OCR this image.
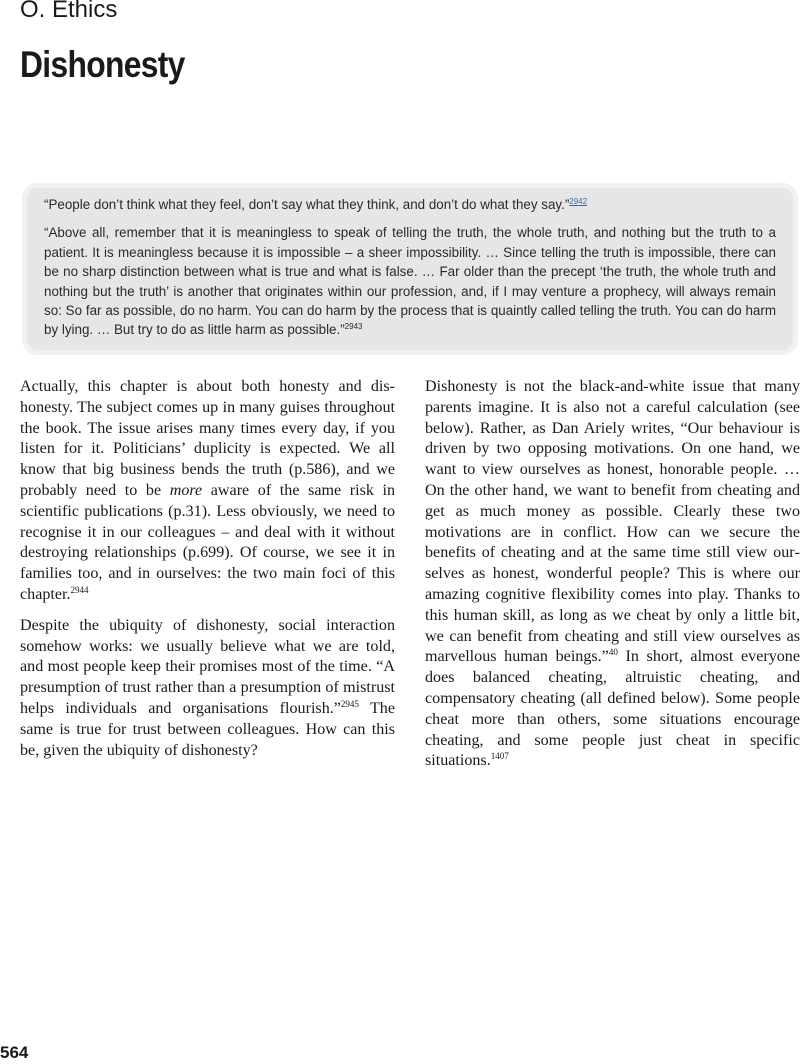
O. Ethics
Dishonesty

“People don’t think what they feel, don’t say what they think, and don’t do what they say.”$^{2942}$

“Above all, remember that it is meaningless to speak of telling the truth, the whole truth, and nothing but the truth to a patient. It is meaningless because it is impossible – a sheer impossibility. … Since telling the truth is impossible, there can be no sharp distinction between what is true and what is false. … Far older than the precept ‘the truth, the whole truth and nothing but the truth’ is another that originates within our profession, and, if I may venture a prophecy, will always remain so: So far as possible, do no harm. You can do harm by the process that is quaintly called telling the truth. You can do harm by lying. … But try to do as little harm as possible.”$^{2943}$

Actually, this chapter is about both honesty and dishonesty. The subject comes up in many guises throughout the book. The issue arises many times every day, if you listen for it. Politicians’ duplicity is expected. We all know that big business bends the truth (p.586), and we probably need to be more aware of the same risk in scientific publications (p.31). Less obviously, we need to recognise it in our colleagues – and deal with it without destroying relationships (p.699). Of course, we see it in families too, and in ourselves: the two main foci of this chapter.$^{2944}$

Despite the ubiquity of dishonesty, social interaction somehow works: we usually believe what we are told, and most people keep their promises most of the time. “A presumption of trust rather than a presumption of mistrust helps individuals and organisations flourish.”$^{2945}$ The same is true for trust between colleagues. How can this be, given the ubiquity of dishonesty?

Dishonesty is not the black-and-white issue that many parents imagine. It is also not a careful calculation (see below). Rather, as Dan Ariely writes, “Our behaviour is driven by two opposing motivations. On one hand, we want to view ourselves as honest, honorable people. … On the other hand, we want to benefit from cheating and get as much money as possible. Clearly these two motivations are in conflict. How can we secure the benefits of cheating and at the same time still view ourselves as honest, wonderful people? This is where our amazing cognitive flexibility comes into play. Thanks to this human skill, as long as we cheat by only a little bit, we can benefit from cheating and still view ourselves as marvellous human beings.”$^{40}$ In short, almost everyone does balanced cheating, altruistic cheating, and compensatory cheating (all defined below). Some people cheat more than others, some situations encourage cheating, and some people just cheat in specific situations.$^{1407}$

564
